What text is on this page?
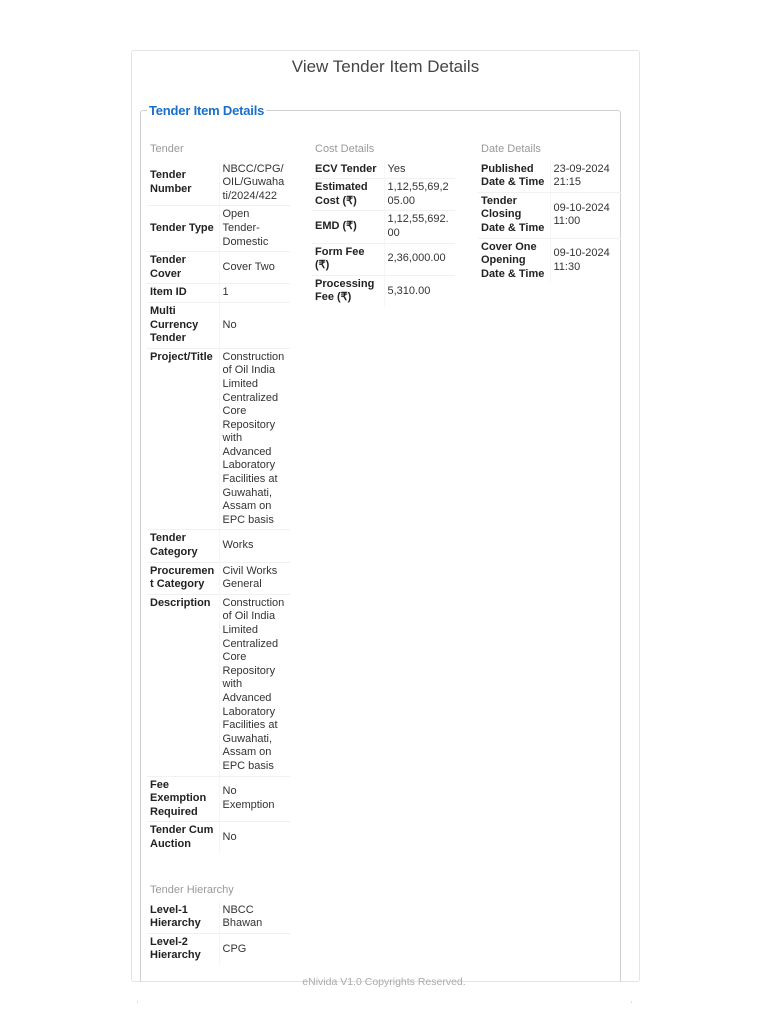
View Tender Item Details
Tender Item Details
Tender	
Tender Number	NBCC/CPG/OIL/Guwahati/2024/422
Tender Type	Open Tender-Domestic
Tender Cover	Cover Two
Item ID	1
Multi Currency Tender	No
Project/Title	Construction of Oil India Limited Centralized Core Repository with Advanced Laboratory Facilities at Guwahati, Assam on EPC basis
Tender Category	Works
Procurement Category	Civil Works General
Description	Construction of Oil India Limited Centralized Core Repository with Advanced Laboratory Facilities at Guwahati, Assam on EPC basis
Fee Exemption Required	No Exemption
Tender Cum Auction	No
Cost Details	
ECV Tender	Yes
Estimated Cost (₹)	1,12,55,69,205.00
EMD (₹)	1,12,55,692.00
Form Fee (₹)	2,36,000.00
Processing Fee (₹)	5,310.00
Date Details	
Published Date & Time	23-09-2024 21:15
Tender Closing Date & Time	09-10-2024 11:00
Cover One Opening Date & Time	09-10-2024 11:30
Tender Hierarchy	
Level-1 Hierarchy	NBCC Bhawan
Level-2 Hierarchy	CPG
eNivida V1.0 Copyrights Reserved.
